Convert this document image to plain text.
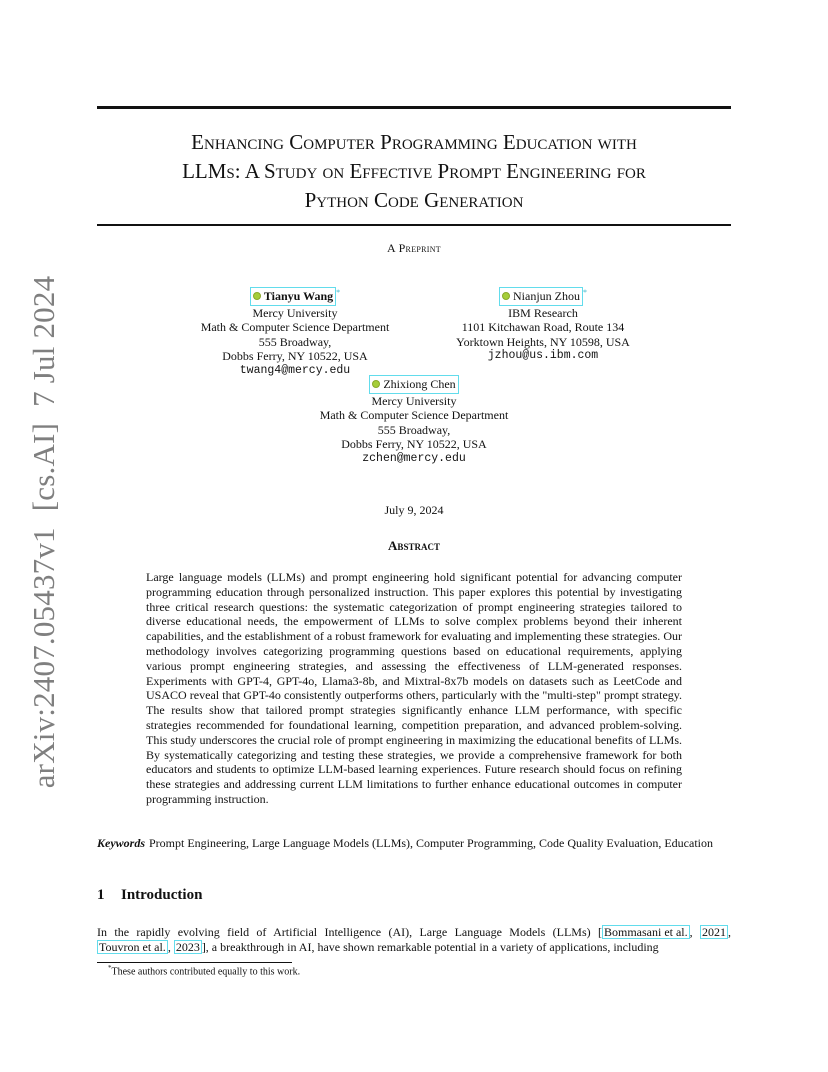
arXiv:2407.05437v1[cs.AI]7 Jul 2024
Enhancing Computer Programming Education with
LLMs: A Study on Effective Prompt Engineering for
Python Code Generation
A Preprint
Tianyu Wang *
Mercy University
Math & Computer Science Department
555 Broadway,
Dobbs Ferry, NY 10522, USA
twang4@mercy.edu
Nianjun Zhou *
IBM Research
1101 Kitchawan Road, Route 134
Yorktown Heights, NY 10598, USA
jzhou@us.ibm.com
Zhixiong Chen
Mercy University
Math & Computer Science Department
555 Broadway,
Dobbs Ferry, NY 10522, USA
zchen@mercy.edu
July 9, 2024
Abstract
Large language models (LLMs) and prompt engineering hold significant potential for advancing computer programming education through personalized instruction. This paper explores this potential by investigating three critical research questions: the systematic categorization of prompt engineering strategies tailored to diverse educational needs, the empowerment of LLMs to solve complex problems beyond their inherent capabilities, and the establishment of a robust framework for evaluating and implementing these strategies. Our methodology involves categorizing programming questions based on educational requirements, applying various prompt engineering strategies, and assessing the effectiveness of LLM-generated responses. Experiments with GPT-4, GPT-4o, Llama3-8b, and Mixtral-8x7b models on datasets such as LeetCode and USACO reveal that GPT-4o consistently outperforms others, particularly with the "multi-step" prompt strategy. The results show that tailored prompt strategies significantly enhance LLM performance, with specific strategies recommended for foundational learning, competition preparation, and advanced problem-solving. This study underscores the crucial role of prompt engineering in maximizing the educational benefits of LLMs. By systematically categorizing and testing these strategies, we provide a comprehensive framework for both educators and students to optimize LLM-based learning experiences. Future research should focus on refining these strategies and addressing current LLM limitations to further enhance educational outcomes in computer programming instruction.
Keywords Prompt Engineering, Large Language Models (LLMs), Computer Programming, Code Quality Evaluation, Education
1 Introduction
In the rapidly evolving field of Artificial Intelligence (AI), Large Language Models (LLMs) [ Bommasani et al. , 2021 , Touvron et al. , 2023 ], a breakthrough in AI, have shown remarkable potential in a variety of applications, including
*These authors contributed equally to this work.
